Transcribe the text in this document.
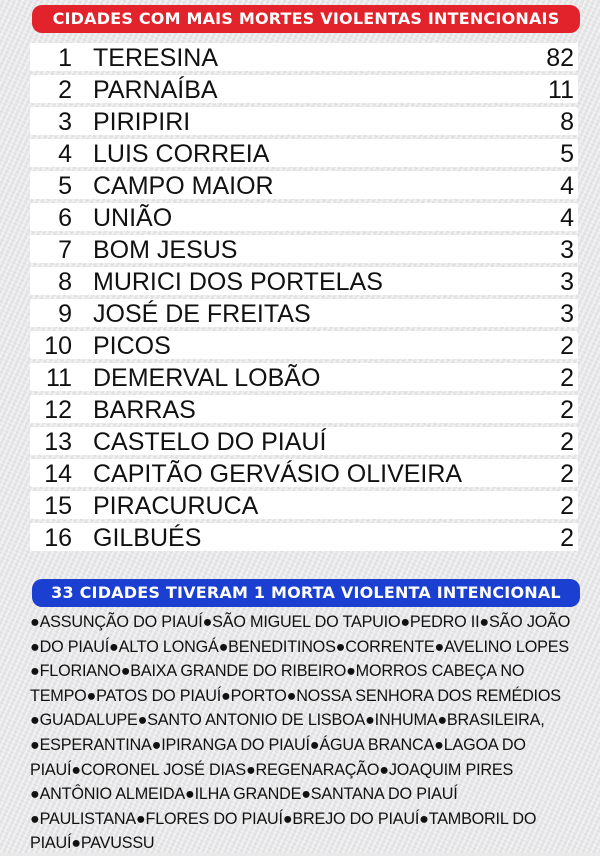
CIDADES COM MAIS MORTES VIOLENTAS INTENCIONAIS
1 TERESINA	82
2 PARNAÍBA	11
3 PIRIPIRI	8
4 LUIS CORREIA	5
5 CAMPO MAIOR	4
6 UNIÃO	4
7 BOM JESUS	3
8 MURICI DOS PORTELAS	3
9 JOSÉ DE FREITAS	3
10 PICOS	2
11 DEMERVAL LOBÃO	2
12 BARRAS	2
13 CASTELO DO PIAUÍ	2
14 CAPITÃO GERVÁSIO OLIVEIRA	2
15 PIRACURUCA	2
16 GILBUÉS	2
33 CIDADES TIVERAM 1 MORTA VIOLENTA INTENCIONAL
●ASSUNÇÃO DO PIAUÍ●SÃO MIGUEL DO TAPUIO●PEDRO II●SÃO JOÃO
●DO PIAUÍ●ALTO LONGÁ●BENEDITINOS●CORRENTE●AVELINO LOPES
●FLORIANO●BAIXA GRANDE DO RIBEIRO●MORROS CABEÇA NO
TEMPO●PATOS DO PIAUÍ●PORTO●NOSSA SENHORA DOS REMÉDIOS
●GUADALUPE●SANTO ANTONIO DE LISBOA●INHUMA●BRASILEIRA,
●ESPERANTINA●IPIRANGA DO PIAUÍ●ÁGUA BRANCA●LAGOA DO
PIAUÍ●CORONEL JOSÉ DIAS●REGENARAÇÃO●JOAQUIM PIRES
●ANTÔNIO ALMEIDA●ILHA GRANDE●SANTANA DO PIAUÍ
●PAULISTANA●FLORES DO PIAUÍ●BREJO DO PIAUÍ●TAMBORIL DO
PIAUÍ●PAVUSSU
